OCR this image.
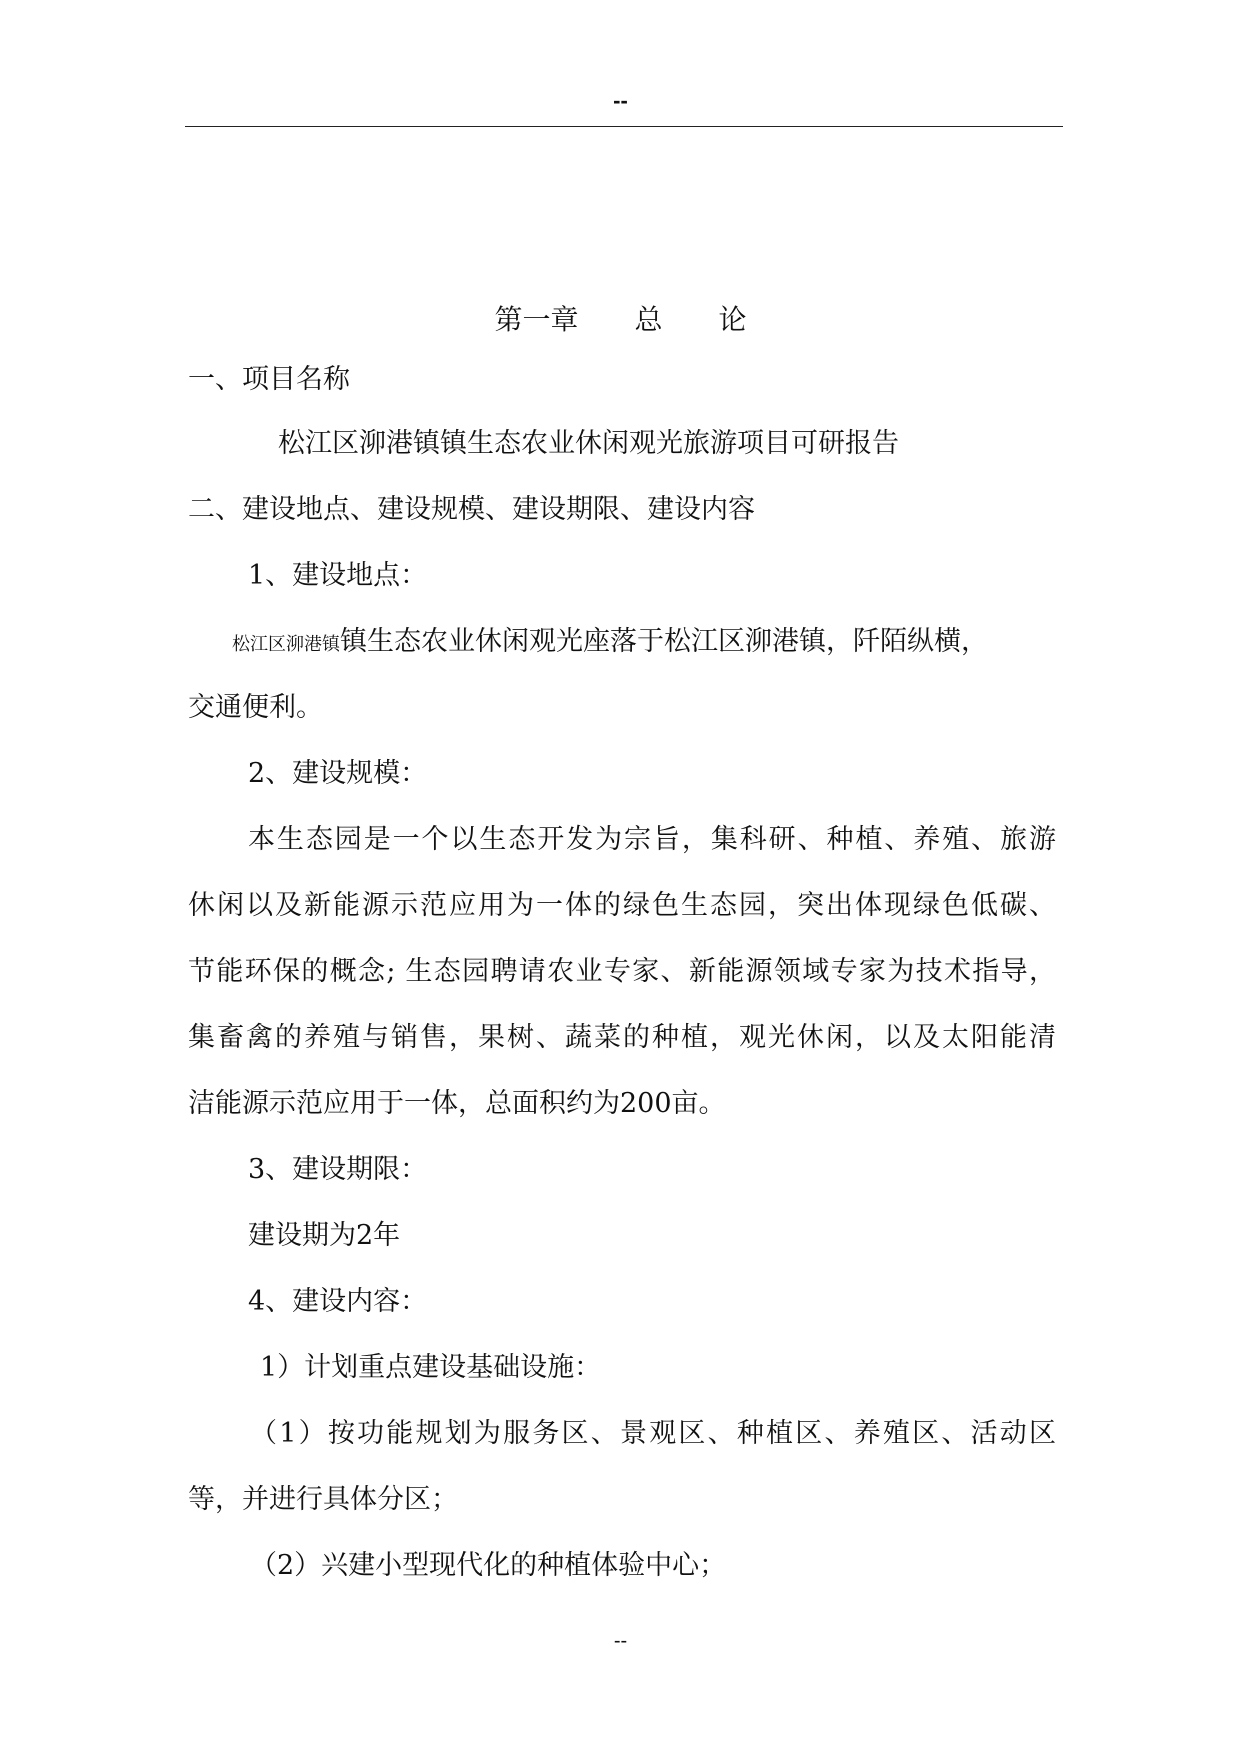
--
第一章　　总　　论
一、项目名称
松江区泖港镇镇生态农业休闲观光旅游项目可研报告
二、建设地点、建设规模、建设期限、建设内容
1、建设地点：
松江区泖港镇镇生态农业休闲观光座落于松江区泖港镇，阡陌纵横，
交通便利。
2、建设规模：
本生态园是一个以生态开发为宗旨，集科研、种植、养殖、旅游
休闲以及新能源示范应用为一体的绿色生态园，突出体现绿色低碳、
节能环保的概念; 生态园聘请农业专家、新能源领域专家为技术指导，
集畜禽的养殖与销售，果树、蔬菜的种植，观光休闲，以及太阳能清
洁能源示范应用于一体，总面积约为200亩。
3、建设期限：
建设期为2年
4、建设内容：
1）计划重点建设基础设施：
（1）按功能规划为服务区、景观区、种植区、养殖区、活动区
等，并进行具体分区；
（2）兴建小型现代化的种植体验中心；
--
